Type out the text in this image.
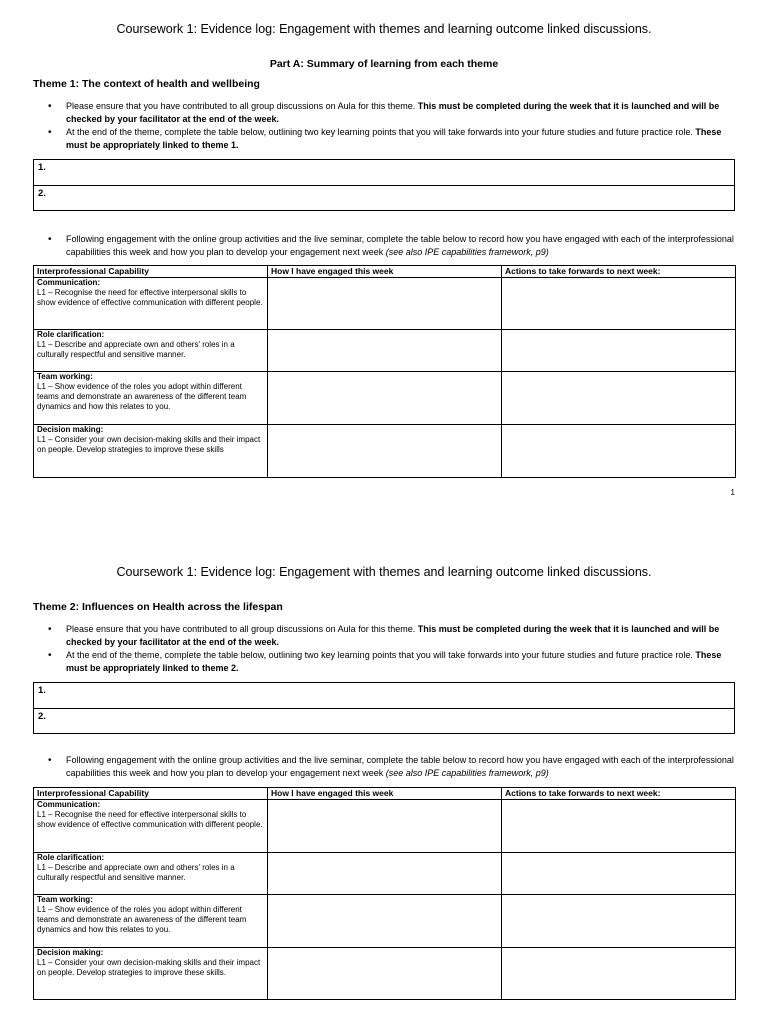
Coursework 1: Evidence log: Engagement with themes and learning outcome linked discussions.
Part A: Summary of learning from each theme
Theme 1: The context of health and wellbeing
• Please ensure that you have contributed to all group discussions on Aula for this theme. This must be completed during the week that it is launched and will be checked by your facilitator at the end of the week.
• At the end of the theme, complete the table below, outlining two key learning points that you will take forwards into your future studies and future practice role. These must be appropriately linked to theme 1.
1.
2.
• Following engagement with the online group activities and the live seminar, complete the table below to record how you have engaged with each of the interprofessional capabilities this week and how you plan to develop your engagement next week (see also IPE capabilities framework, p9)
Interprofessional Capability	How I have engaged this week	Actions to take forwards to next week:

Communication:
L1 – Recognise the need for effective interpersonal skills to show evidence of effective communication with different people.		

Role clarification:
L1 – Describe and appreciate own and others' roles in a culturally respectful and sensitive manner.		

Team working:
L1 – Show evidence of the roles you adopt within different teams and demonstrate an awareness of the different team dynamics and how this relates to you.		

Decision making:
L1 – Consider your own decision-making skills and their impact on people. Develop strategies to improve these skills		
1
Coursework 1: Evidence log: Engagement with themes and learning outcome linked discussions.
Theme 2: Influences on Health across the lifespan
• Please ensure that you have contributed to all group discussions on Aula for this theme. This must be completed during the week that it is launched and will be checked by your facilitator at the end of the week.
• At the end of the theme, complete the table below, outlining two key learning points that you will take forwards into your future studies and future practice role. These must be appropriately linked to theme 2.
1.
2.
• Following engagement with the online group activities and the live seminar, complete the table below to record how you have engaged with each of the interprofessional capabilities this week and how you plan to develop your engagement next week (see also IPE capabilities framework, p9)
Interprofessional Capability	How I have engaged this week	Actions to take forwards to next week:

Communication:
L1 – Recognise the need for effective interpersonal skills to show evidence of effective communication with different people.		

Role clarification:
L1 – Describe and appreciate own and others' roles in a culturally respectful and sensitive manner.		

Team working:
L1 – Show evidence of the roles you adopt within different teams and demonstrate an awareness of the different team dynamics and how this relates to you.		

Decision making:
L1 – Consider your own decision-making skills and their impact on people. Develop strategies to improve these skills.		
